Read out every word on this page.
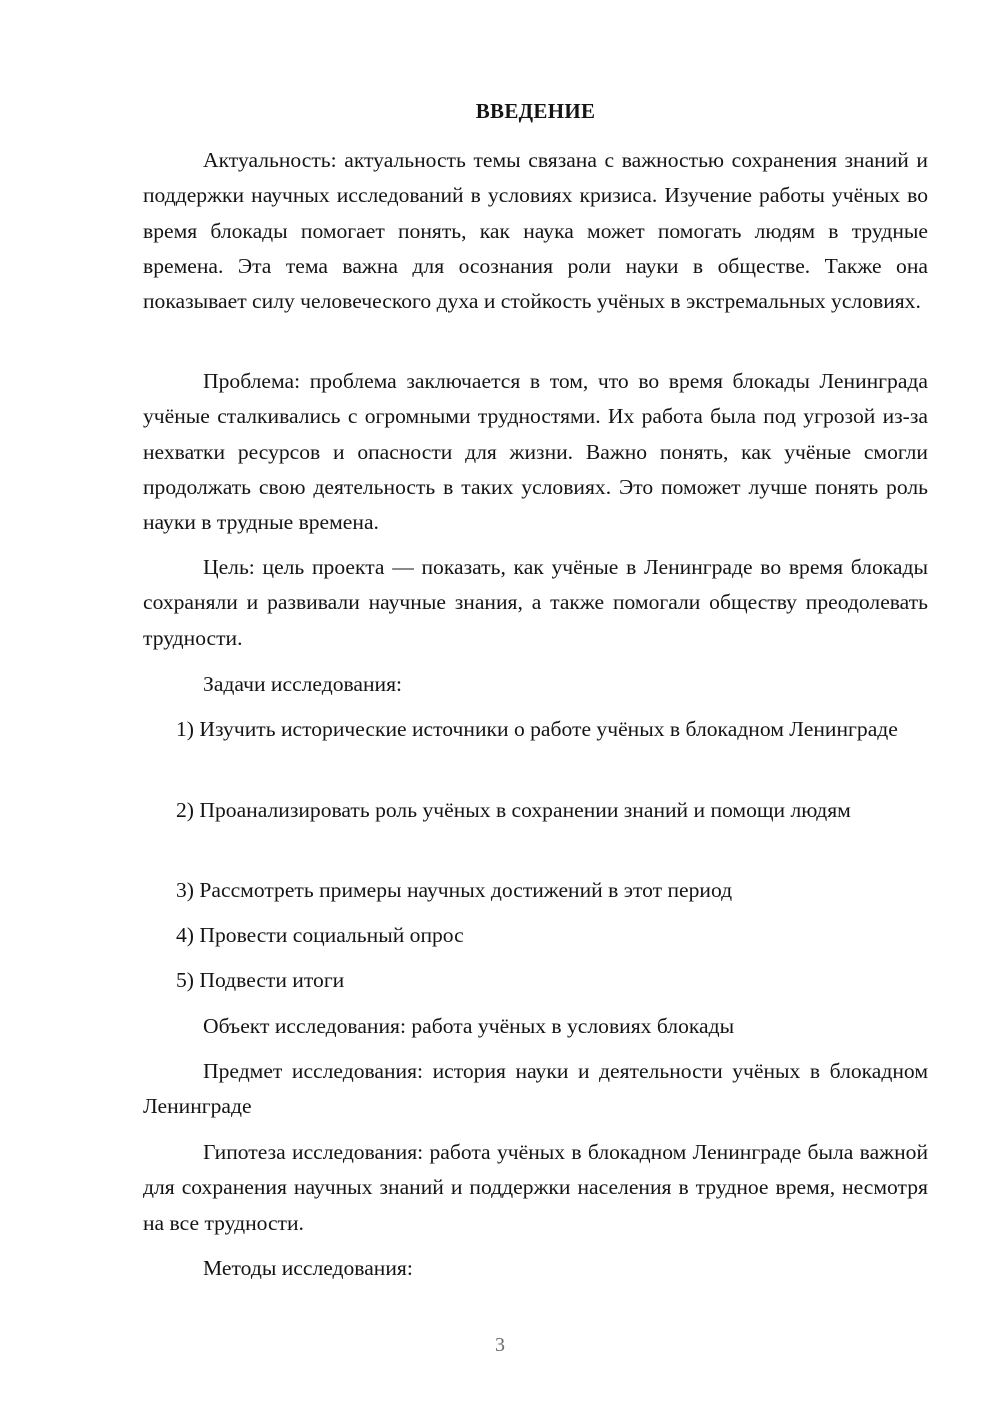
ВВЕДЕНИЕ

Актуальность: актуальность темы связана с важностью сохранения знаний и поддержки научных исследований в условиях кризиса. Изучение работы учёных во время блокады помогает понять, как наука может помогать людям в трудные времена. Эта тема важна для осознания роли науки в обществе. Также она показывает силу человеческого духа и стойкость учёных в экстремальных условиях.

Проблема: проблема заключается в том, что во время блокады Ленинграда учёные сталкивались с огромными трудностями. Их работа была под угрозой из-за нехватки ресурсов и опасности для жизни. Важно понять, как учёные смогли продолжать свою деятельность в таких условиях. Это поможет лучше понять роль науки в трудные времена.

Цель: цель проекта — показать, как учёные в Ленинграде во время блокады сохраняли и развивали научные знания, а также помогали обществу преодолевать трудности.

Задачи исследования:

1) Изучить исторические источники о работе учёных в блокадном Ленинграде

2) Проанализировать роль учёных в сохранении знаний и помощи людям

3) Рассмотреть примеры научных достижений в этот период

4) Провести социальный опрос

5) Подвести итоги

Объект исследования: работа учёных в условиях блокады

Предмет исследования: история науки и деятельности учёных в блокадном Ленинграде

Гипотеза исследования: работа учёных в блокадном Ленинграде была важной для сохранения научных знаний и поддержки населения в трудное время, несмотря на все трудности.

Методы исследования:

3
